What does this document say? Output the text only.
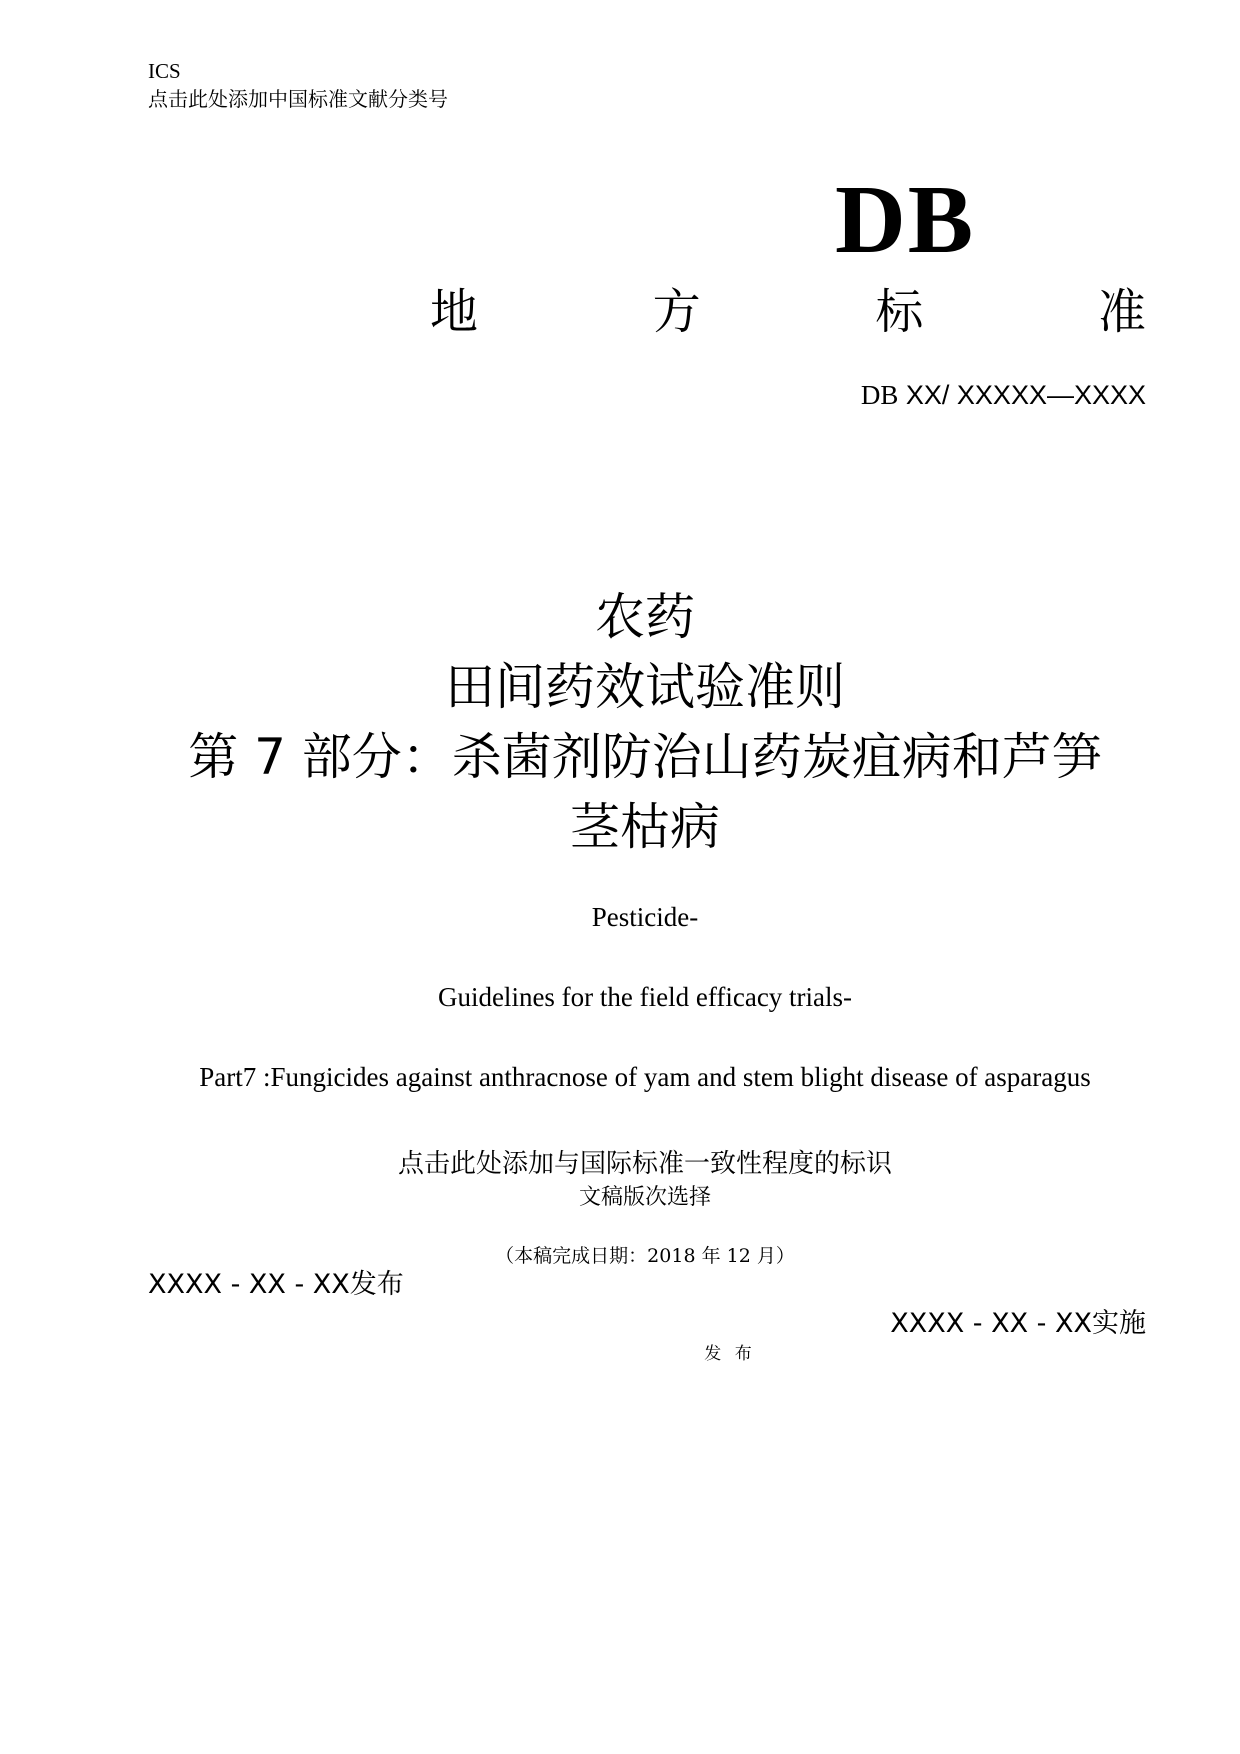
ICS
点击此处添加中国标准文献分类号
DB
地	方	标	准
DB XX/ XXXXX—XXXX
农药
田间药效试验准则
第 7 部分：杀菌剂防治山药炭疽病和芦笋
茎枯病
Pesticide-
Guidelines for the field efficacy trials-
Part7 :Fungicides against anthracnose of yam and stem blight disease of asparagus
点击此处添加与国际标准一致性程度的标识
文稿版次选择
（本稿完成日期：2018 年 12 月）
XXXX - XX - XX发布
XXXX - XX - XX实施
发 布
